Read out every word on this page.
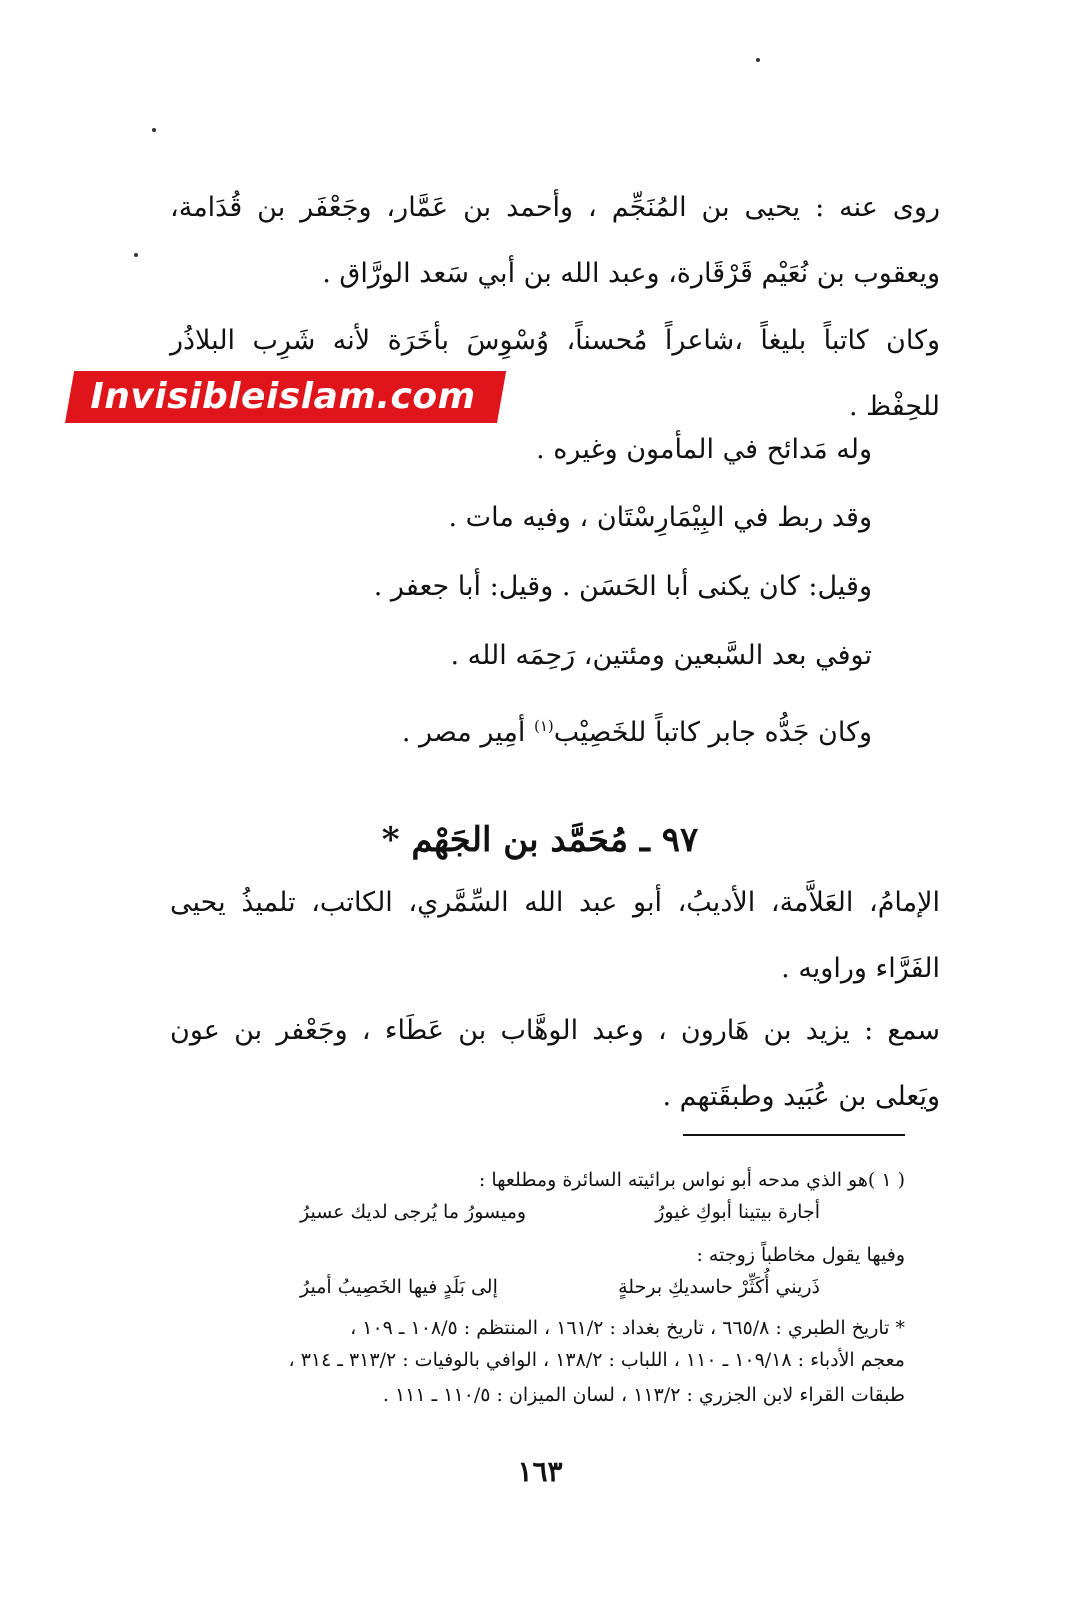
روى عنه : يحيى بن المُنَجِّم ، وأحمد بن عَمَّار، وجَعْفَر بن قُدَامة، ويعقوب بن نُعَيْم قَرْقَارة، وعبد الله بن أبي سَعد الورَّاق .

وكان كاتباً بليغاً ،شاعراً مُحسناً، وُسْوِسَ بأخَرَة لأنه شَرِب البلاذُر للحِفْظ .

Invisibleislam.com

وله مَدائح في المأمون وغيره .

وقد ربط في البِيْمَارِسْتَان ، وفيه مات .

وقيل: كان يكنى أبا الحَسَن . وقيل: أبا جعفر .

توفي بعد السَّبعين ومئتين، رَحِمَه الله .

وكان جَدُّه جابر كاتباً للخَصِيْب$^{(١)}$ أمِير مصر .

٩٧ ـ مُحَمَّد بن الجَهْم *

الإمامُ، العَلاَّمة، الأديبُ، أبو عبد الله السِّمَّري، الكاتب، تلميذُ يحيى الفَرَّاء وراويه .

سمع : يزيد بن هَارون ، وعبد الوهَّاب بن عَطَاء ، وجَعْفر بن عون ويَعلى بن عُبَيد وطبقَتهم .

( ١ )هو الذي مدحه أبو نواس برائيته السائرة ومطلعها :
أجارة بيتينا أبوكِ غيورُ
وميسورُ ما يُرجى لديك عسيرُ
وفيها يقول مخاطباً زوجته :
ذَريني أُكَثِّرْ حاسديكِ برحلةٍ
إلى بَلَدٍ فيها الخَصِيبُ أميرُ
* تاريخ الطبري : ٦٦٥/٨ ، تاريخ بغداد : ١٦١/٢ ، المنتظم : ١٠٨/٥ ـ ١٠٩ ،
معجم الأدباء : ١٠٩/١٨ ـ ١١٠ ، اللباب : ١٣٨/٢ ، الوافي بالوفيات : ٣١٣/٢ ـ ٣١٤ ،
طبقات القراء لابن الجزري : ١١٣/٢ ، لسان الميزان : ١١٠/٥ ـ ١١١ .
١٦٣
